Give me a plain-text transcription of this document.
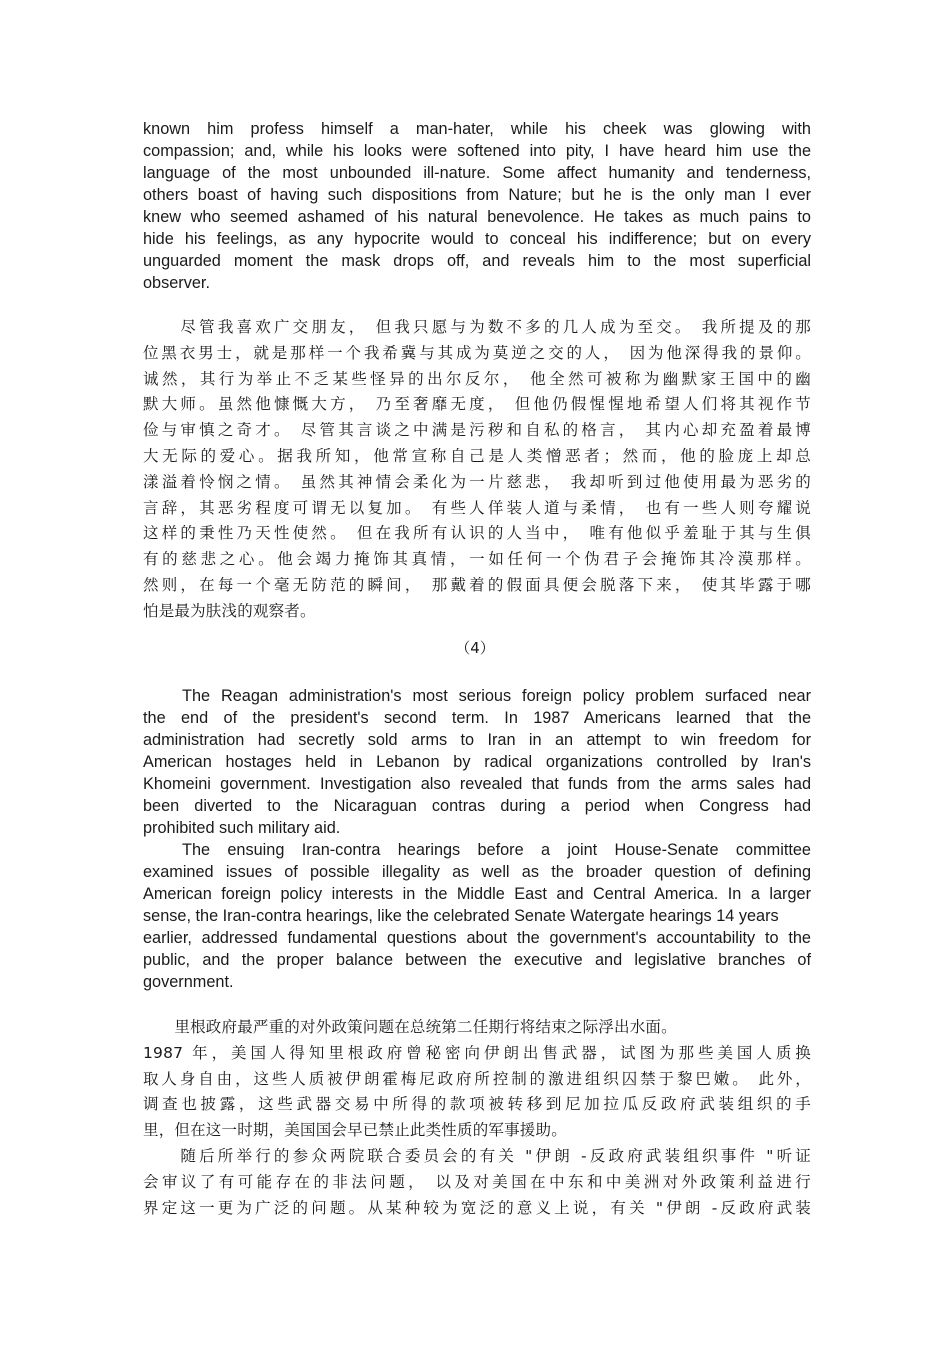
known him profess himself a man-hater, while his cheek was glowing with
compassion; and, while his looks were softened into pity, I have heard him use the
language of the most unbounded ill-nature. Some affect humanity and tenderness,
others boast of having such dispositions from Nature; but he is the only man I ever
knew who seemed ashamed of his natural benevolence. He takes as much pains to
hide his feelings, as any hypocrite would to conceal his indifference; but on every
unguarded moment the mask drops off, and reveals him to the most superficial
observer.
　　尽管我喜欢广交朋友， 但我只愿与为数不多的几人成为至交。 我所提及的那
位黑衣男士，就是那样一个我希冀与其成为莫逆之交的人， 因为他深得我的景仰。
诚然，其行为举止不乏某些怪异的出尔反尔， 他全然可被称为幽默家王国中的幽
默大师。虽然他慷慨大方， 乃至奢靡无度， 但他仍假惺惺地希望人们将其视作节
俭与审慎之奇才。 尽管其言谈之中满是污秽和自私的格言， 其内心却充盈着最博
大无际的爱心。据我所知，他常宣称自己是人类憎恶者；然而，他的脸庞上却总
漾溢着怜悯之情。 虽然其神情会柔化为一片慈悲， 我却听到过他使用最为恶劣的
言辞，其恶劣程度可谓无以复加。 有些人佯装人道与柔情， 也有一些人则夸耀说
这样的秉性乃天性使然。 但在我所有认识的人当中， 唯有他似乎羞耻于其与生俱
有的慈悲之心。他会竭力掩饰其真情，一如任何一个伪君子会掩饰其冷漠那样。
然则，在每一个毫无防范的瞬间， 那戴着的假面具便会脱落下来， 使其毕露于哪
怕是最为肤浅的观察者。
（4）
The Reagan administration's most serious foreign policy problem surfaced near
the end of the president's second term. In 1987 Americans learned that the
administration had secretly sold arms to Iran in an attempt to win freedom for
American hostages held in Lebanon by radical organizations controlled by Iran's
Khomeini government. Investigation also revealed that funds from the arms sales had
been diverted to the Nicaraguan contras during a period when Congress had
prohibited such military aid.
The ensuing Iran-contra hearings before a joint House-Senate committee
examined issues of possible illegality as well as the broader question of defining
American foreign policy interests in the Middle East and Central America. In a larger
sense, the Iran-contra hearings, like the celebrated Senate Watergate hearings 14 years
earlier, addressed fundamental questions about the government's accountability to the
public, and the proper balance between the executive and legislative branches of
government.
　　里根政府最严重的对外政策问题在总统第二任期行将结束之际浮出水面。
1987 年，美国人得知里根政府曾秘密向伊朗出售武器，试图为那些美国人质换
取人身自由，这些人质被伊朗霍梅尼政府所控制的激进组织囚禁于黎巴嫩。 此外，
调查也披露，这些武器交易中所得的款项被转移到尼加拉瓜反政府武装组织的手
里，但在这一时期，美国国会早已禁止此类性质的军事援助。
　　随后所举行的参众两院联合委员会的有关 "伊朗 -反政府武装组织事件 "听证
会审议了有可能存在的非法问题， 以及对美国在中东和中美洲对外政策利益进行
界定这一更为广泛的问题。从某种较为宽泛的意义上说，有关 "伊朗 -反政府武装
